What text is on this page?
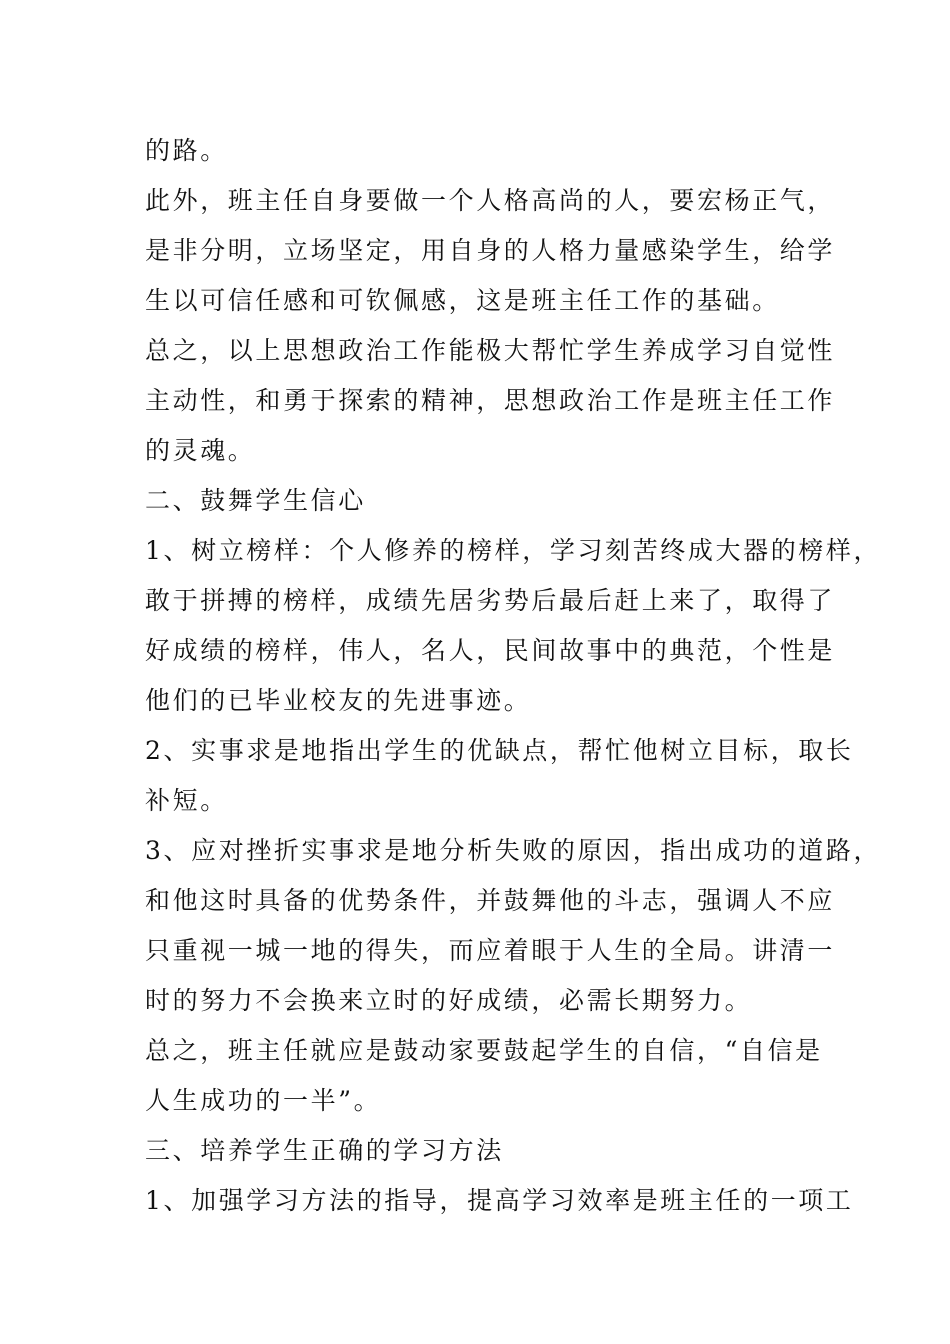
的路。
此外，班主任自身要做一个人格高尚的人，要宏杨正气，
是非分明，立场坚定，用自身的人格力量感染学生，给学
生以可信任感和可钦佩感，这是班主任工作的基础。
总之，以上思想政治工作能极大帮忙学生养成学习自觉性
主动性，和勇于探索的精神，思想政治工作是班主任工作
的灵魂。
二、鼓舞学生信心
1、树立榜样：个人修养的榜样，学习刻苦终成大器的榜样，
敢于拼搏的榜样，成绩先居劣势后最后赶上来了，取得了
好成绩的榜样，伟人，名人，民间故事中的典范，个性是
他们的已毕业校友的先进事迹。
2、实事求是地指出学生的优缺点，帮忙他树立目标，取长
补短。
3、应对挫折实事求是地分析失败的原因，指出成功的道路，
和他这时具备的优势条件，并鼓舞他的斗志，强调人不应
只重视一城一地的得失，而应着眼于人生的全局。讲清一
时的努力不会换来立时的好成绩，必需长期努力。
总之，班主任就应是鼓动家要鼓起学生的自信，“自信是
人生成功的一半”。
三、培养学生正确的学习方法
1、加强学习方法的指导，提高学习效率是班主任的一项工
